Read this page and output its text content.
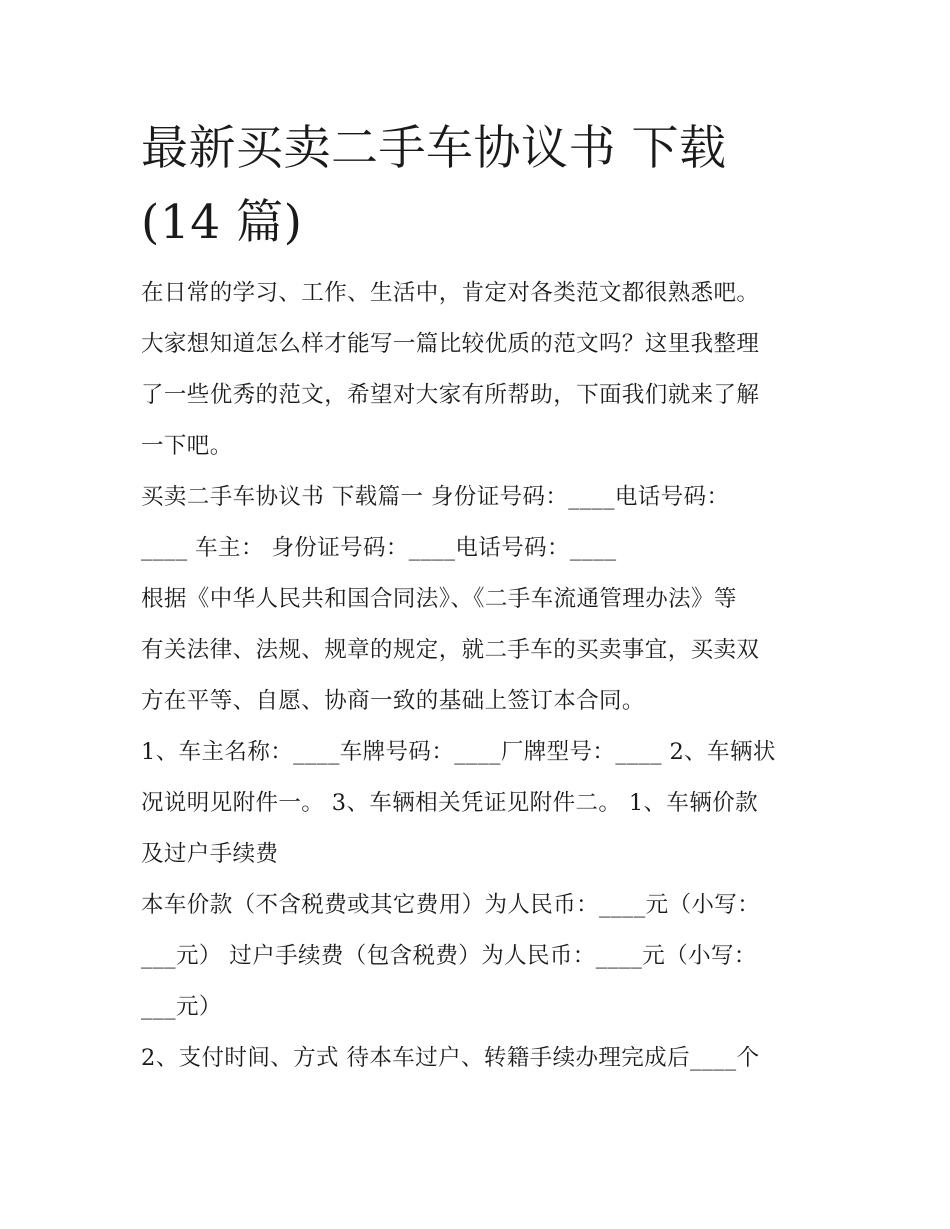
最新买卖二手车协议书 下载
(14 篇)

在日常的学习、工作、生活中，肯定对各类范文都很熟悉吧。

大家想知道怎么样才能写一篇比较优质的范文吗？这里我整理

了一些优秀的范文，希望对大家有所帮助，下面我们就来了解

一下吧。

买卖二手车协议书 下载篇一 身份证号码：____电话号码：

____ 车主： 身份证号码：____电话号码：____

根据《中华人民共和国合同法》、《二手车流通管理办法》等

有关法律、法规、规章的规定，就二手车的买卖事宜，买卖双

方在平等、自愿、协商一致的基础上签订本合同。

1、车主名称：____车牌号码：____厂牌型号：____ 2、车辆状

况说明见附件一。 3、车辆相关凭证见附件二。 1、车辆价款

及过户手续费

本车价款（不含税费或其它费用）为人民币：____元（小写：

___元） 过户手续费（包含税费）为人民币：____元（小写：

___元）

2、支付时间、方式 待本车过户、转籍手续办理完成后____个
